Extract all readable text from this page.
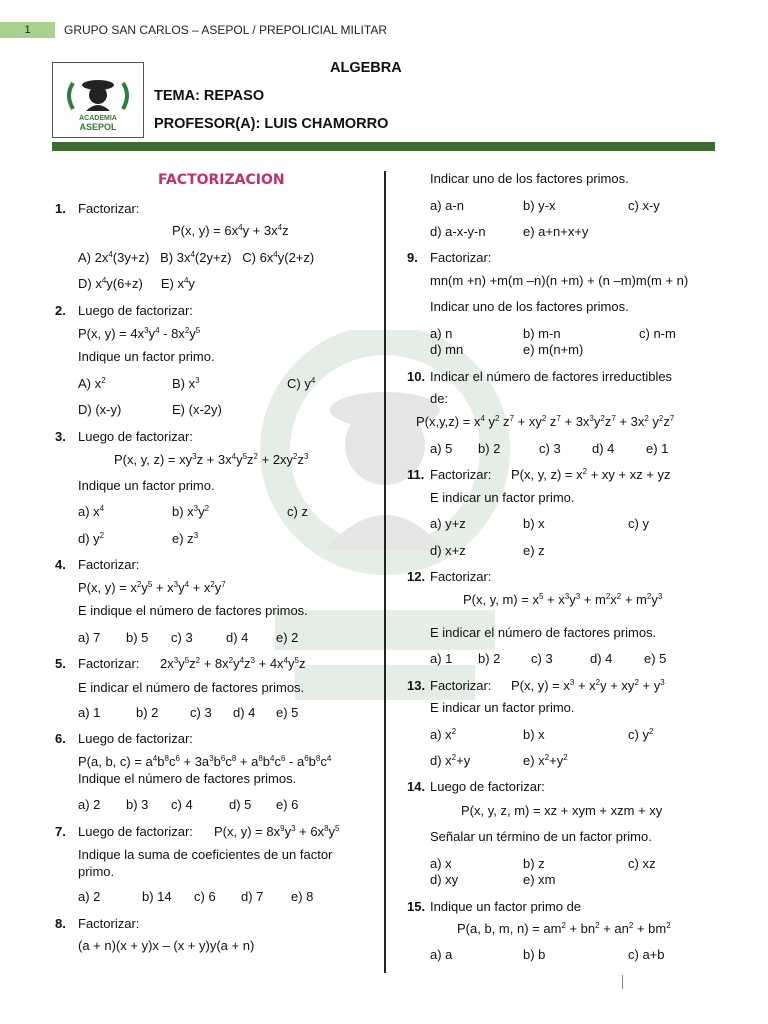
1	GRUPO SAN CARLOS – ASEPOL / PREPOLICIAL MILITAR
ACADEMIA
ASEPOL
ALGEBRA
TEMA: REPASO
PROFESOR(A): LUIS CHAMORRO
FACTORIZACION
1. Factorizar:
P(x, $y) = 6x^4y + 3x^4z$
A) $2x^4(3y+z)$   B) $3x^4(2y+z)$   C) $6x^4y(2+z)$
D) $x^4y(6+z)$     E) $x^4y$
2. Luego de factorizar:
P(x, $y) = 4x^3y^4 - 8x^2y^5$
Indique un factor primo.
A) $x^2$	B) $x^3$	C) $y^4$
D) (x-y)	E) (x-2y)
3. Luego de factorizar:
P(x, y, $z) = xy^3z + 3x^4y^5z^2 + 2xy^2z^3$
Indique un factor primo.
a) $x^4$	b) $x^3y^2$	c) z
d) $y^2$	e) $z^3$
4. Factorizar:
P(x, $y) = x^2y^5 + x^3y^4 + x^2y^7$
E indique el número de factores primos.
a) 7 b) 5 c) 3	d) 4 e) 2
5. Factorizar: $2x^3y^5z^2 + 8x^2y^4z^3 + 4x^4y^5z$
E indicar el número de factores primos.
a) 1	b) 2 c) 3 d) 4 e) 5
6. Luego de factorizar:
P(a, b, $c) = a^4b^8c^6 + 3a^3b^6c^8 + a^8b^4c^6 - a^6b^8c^4$
Indique el número de factores primos.
a) 2 b) 3 c) 4	d) 5 e) 6
7. Luego de factorizar: P(x, $y) = 8x^9y^3 + 6x^8y^5$
Indique la suma de coeficientes de un factor
primo.
a) 2	b) 14 c) 6 d) 7 e) 8
8. Factorizar:
(a + n)(x + y)x – (x + y)y(a + n)
Indicar uno de los factores primos.
a) a-n	b) y-x	c) x-y
d) a-x-y-n	e) a+n+x+y
9. Factorizar:
mn(m +n) +m(m –n)(n +m) + (n –m)m(m + n)
Indicar uno de los factores primos.
a) n	b) m-n	c) n-m
d) mn	e) m(n+m)
10. Indicar el número de factores irreductibles
de:
$P(x,y,z) = x^4$ $y^2$ $z^7 + xy^2$ $z^7 + 3x^3y^2z^7 + 3x^2$ $y^2z^7$
a) 5 b) 2	c) 3 d) 4 e) 1
11. Factorizar: P(x, y, $z) = x^2$ + xy + xz + yz
E indicar un factor primo.
a) y+z	b) x	c) y
d) x+z	e) z
12. Factorizar:
P(x, y, $m) = x^5 + x^3y^3 + m^2x^2 + m^2y^3$
E indicar el número de factores primos.
a) 1 b) 2 c) 3	d) 4 e) 5
13. Factorizar: P(x, $y) = x^3 + x^2y + xy^2 + y^3$
E indicar un factor primo.
a) $x^2$	b) x	c) $y^2$
d) $x^2+y$	e) $x^2+y^2$
14. Luego de factorizar:
P(x, y, z, m) = xz + xym + xzm + xy
Señalar un término de un factor primo.
a) x	b) z	c) xz
d) xy	e) xm
15. Indique un factor primo de
P(a, b, m, $n) = am^2 + bn^2 + an^2 + bm^2$
a) a	b) b	c) a+b
